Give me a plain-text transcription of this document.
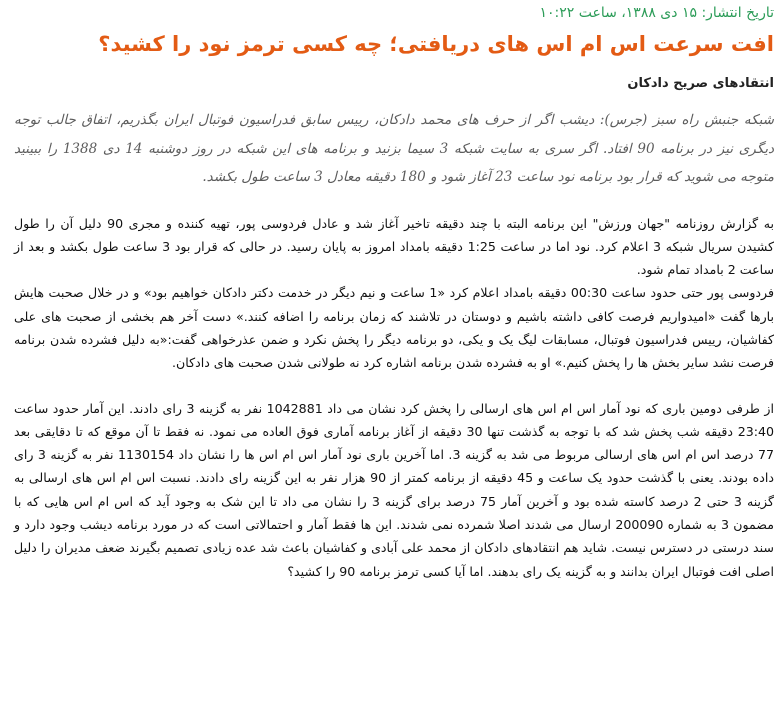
تاریخ انتشار: ۱۵ دی ۱۳۸۸، ساعت ۱۰:۲۲

افت سرعت اس ام اس های دریافتی؛ چه کسی ترمز نود را کشید؟

انتقادهای صریح دادکان

شبکه جنبش راه سبز (جرس): دیشب اگر از حرف های محمد دادکان، رییس سابق فدراسیون فوتبال ایران بگذریم، اتفاق جالب توجه دیگری نیز در برنامه 90 افتاد. اگر سری به سایت شبکه 3 سیما بزنید و برنامه های این شبکه در روز دوشنبه 14 دی 1388 را ببینید متوجه می شوید که قرار بود برنامه نود ساعت 23 آغاز شود و 180 دقیقه معادل 3 ساعت طول بکشد.

به گزارش روزنامه "جهان ورزش" این برنامه البته با چند دقیقه تاخیر آغاز شد و عادل فردوسی پور، تهیه کننده و مجری 90 دلیل آن را طول کشیدن سریال شبکه 3 اعلام کرد. نود اما در ساعت 1:25 دقیقه بامداد امروز به پایان رسید. در حالی که قرار بود 3 ساعت طول بکشد و بعد از ساعت 2 بامداد تمام شود.

فردوسی پور حتی حدود ساعت 00:30 دقیقه بامداد اعلام کرد «1 ساعت و نیم دیگر در خدمت دکتر دادکان خواهیم بود» و در خلال صحبت هایش بارها گفت «امیدواریم فرصت کافی داشته باشیم و دوستان در تلاشند که زمان برنامه را اضافه کنند.» دست آخر هم بخشی از صحبت های علی کفاشیان، رییس فدراسیون فوتبال، مسابقات لیگ یک و یکی، دو برنامه دیگر را پخش نکرد و ضمن عذرخواهی گفت:«به دلیل فشرده شدن برنامه فرصت نشد سایر بخش ها را پخش کنیم.» او به فشرده شدن برنامه اشاره کرد نه طولانی شدن صحبت های دادکان.

از طرفی دومین باری که نود آمار اس ام اس های ارسالی را پخش کرد نشان می داد 1042881 نفر به گزینه 3 رای دادند. این آمار حدود ساعت 23:40 دقیقه شب پخش شد که با توجه به گذشت تنها 30 دقیقه از آغاز برنامه آماری فوق العاده می نمود. نه فقط تا آن موقع که تا دقایقی بعد 77 درصد اس ام اس های ارسالی مربوط می شد به گزینه 3. اما آخرین باری نود آمار اس ام اس ها را نشان داد 1130154 نفر به گزینه 3 رای داده بودند. یعنی با گذشت حدود یک ساعت و 45 دقیقه از برنامه کمتر از 90 هزار نفر به این گزینه رای دادند. نسبت اس ام اس های ارسالی به گزینه 3 حتی 2 درصد کاسته شده بود و آخرین آمار 75 درصد برای گزینه 3 را نشان می داد تا این شک به وجود آید که اس ام اس هایی که با مضمون 3 به شماره 200090 ارسال می شدند اصلا شمرده نمی شدند. این ها فقط آمار و احتمالاتی است که در مورد برنامه دیشب وجود دارد و سند درستی در دسترس نیست. شاید هم انتقادهای دادکان از محمد علی آبادی و کفاشیان باعث شد عده زیادی تصمیم بگیرند ضعف مدیران را دلیل اصلی افت فوتبال ایران بدانند و به گزینه یک رای بدهند. اما آیا کسی ترمز برنامه 90 را کشید؟
